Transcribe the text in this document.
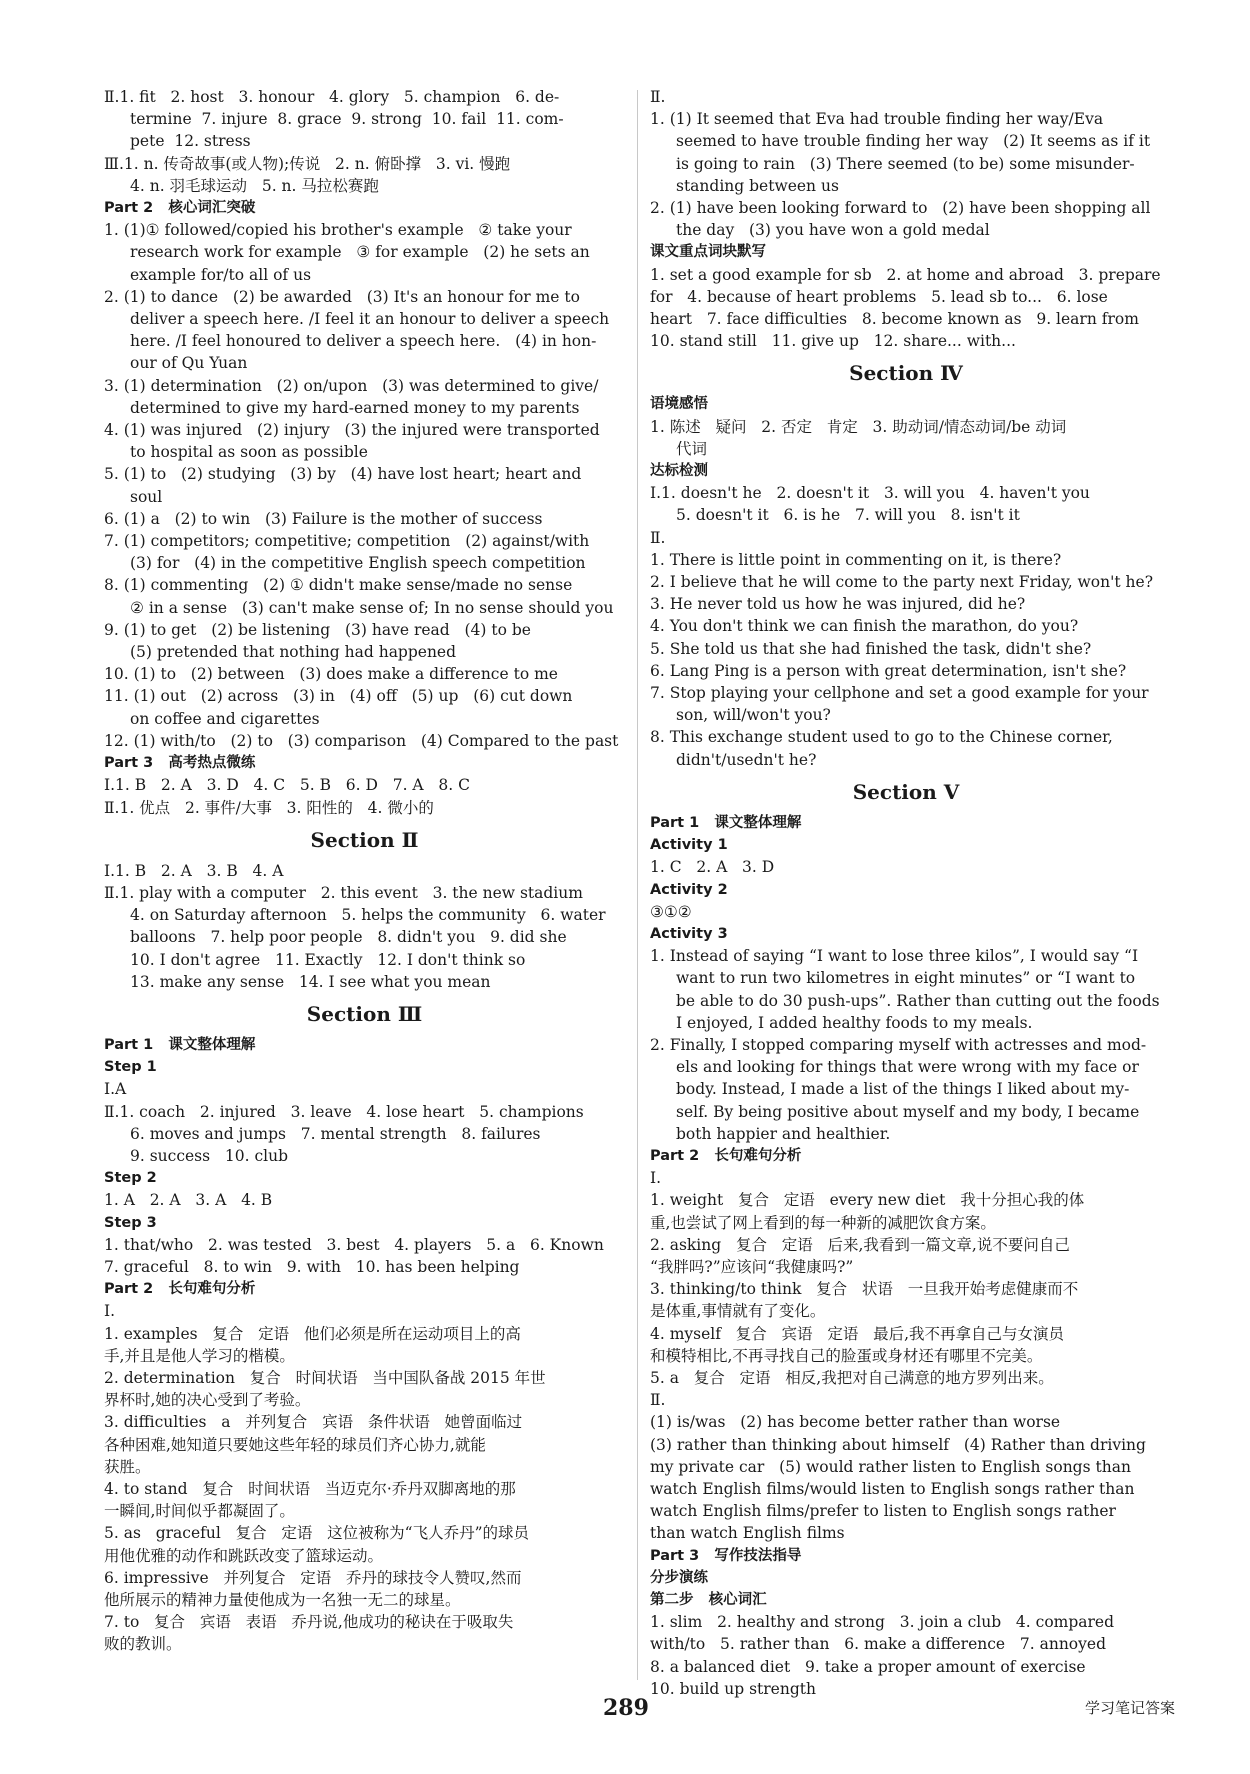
Ⅱ.1. fit   2. host   3. honour   4. glory   5. champion   6. de-
termine  7. injure  8. grace  9. strong  10. fail  11. com-
pete  12. stress
Ⅲ.1. n. 传奇故事(或人物);传说   2. n. 俯卧撑   3. vi. 慢跑
4. n. 羽毛球运动   5. n. 马拉松赛跑
Part 2   核心词汇突破
1. (1)① followed/copied his brother's example   ② take your
research work for example   ③ for example   (2) he sets an
example for/to all of us
2. (1) to dance   (2) be awarded   (3) It's an honour for me to
deliver a speech here. /I feel it an honour to deliver a speech
here. /I feel honoured to deliver a speech here.   (4) in hon-
our of Qu Yuan
3. (1) determination   (2) on/upon   (3) was determined to give/
determined to give my hard-earned money to my parents
4. (1) was injured   (2) injury   (3) the injured were transported
to hospital as soon as possible
5. (1) to   (2) studying   (3) by   (4) have lost heart; heart and
soul
6. (1) a   (2) to win   (3) Failure is the mother of success
7. (1) competitors; competitive; competition   (2) against/with
(3) for   (4) in the competitive English speech competition
8. (1) commenting   (2) ① didn't make sense/made no sense
② in a sense   (3) can't make sense of; In no sense should you
9. (1) to get   (2) be listening   (3) have read   (4) to be
(5) pretended that nothing had happened
10. (1) to   (2) between   (3) does make a difference to me
11. (1) out   (2) across   (3) in   (4) off   (5) up   (6) cut down
on coffee and cigarettes
12. (1) with/to   (2) to   (3) comparison   (4) Compared to the past
Part 3   高考热点微练
Ⅰ.1. B   2. A   3. D   4. C   5. B   6. D   7. A   8. C
Ⅱ.1. 优点   2. 事件/大事   3. 阳性的   4. 微小的
Section Ⅱ
Ⅰ.1. B   2. A   3. B   4. A
Ⅱ.1. play with a computer   2. this event   3. the new stadium
4. on Saturday afternoon   5. helps the community   6. water
balloons   7. help poor people   8. didn't you   9. did she
10. I don't agree   11. Exactly   12. I don't think so
13. make any sense   14. I see what you mean
Section Ⅲ
Part 1   课文整体理解
Step 1
Ⅰ.A
Ⅱ.1. coach   2. injured   3. leave   4. lose heart   5. champions
6. moves and jumps   7. mental strength   8. failures
9. success   10. club
Step 2
1. A   2. A   3. A   4. B
Step 3
1. that/who   2. was tested   3. best   4. players   5. a   6. Known
7. graceful   8. to win   9. with   10. has been helping
Part 2   长句难句分析
Ⅰ.
1. examples   复合   定语   他们必须是所在运动项目上的高
手,并且是他人学习的楷模。
2. determination   复合   时间状语   当中国队备战 2015 年世
界杯时,她的决心受到了考验。
3. difficulties   a   并列复合   宾语   条件状语   她曾面临过
各种困难,她知道只要她这些年轻的球员们齐心协力,就能
获胜。
4. to stand   复合   时间状语   当迈克尔·乔丹双脚离地的那
一瞬间,时间似乎都凝固了。
5. as   graceful   复合   定语   这位被称为“飞人乔丹”的球员
用他优雅的动作和跳跃改变了篮球运动。
6. impressive   并列复合   定语   乔丹的球技令人赞叹,然而
他所展示的精神力量使他成为一名独一无二的球星。
7. to   复合   宾语   表语   乔丹说,他成功的秘诀在于吸取失
败的教训。
Ⅱ.
1. (1) It seemed that Eva had trouble finding her way/Eva
seemed to have trouble finding her way   (2) It seems as if it
is going to rain   (3) There seemed (to be) some misunder-
standing between us
2. (1) have been looking forward to   (2) have been shopping all
the day   (3) you have won a gold medal
课文重点词块默写
1. set a good example for sb   2. at home and abroad   3. prepare
for   4. because of heart problems   5. lead sb to...   6. lose
heart   7. face difficulties   8. become known as   9. learn from
10. stand still   11. give up   12. share... with...
Section Ⅳ
语境感悟
1. 陈述   疑问   2. 否定   肯定   3. 助动词/情态动词/be 动词
代词
达标检测
Ⅰ.1. doesn't he   2. doesn't it   3. will you   4. haven't you
5. doesn't it   6. is he   7. will you   8. isn't it
Ⅱ.
1. There is little point in commenting on it, is there?
2. I believe that he will come to the party next Friday, won't he?
3. He never told us how he was injured, did he?
4. You don't think we can finish the marathon, do you?
5. She told us that she had finished the task, didn't she?
6. Lang Ping is a person with great determination, isn't she?
7. Stop playing your cellphone and set a good example for your
son, will/won't you?
8. This exchange student used to go to the Chinese corner,
didn't/usedn't he?
Section Ⅴ
Part 1   课文整体理解
Activity 1
1. C   2. A   3. D
Activity 2
③①②
Activity 3
1. Instead of saying “I want to lose three kilos”, I would say “I
want to run two kilometres in eight minutes” or “I want to
be able to do 30 push-ups”. Rather than cutting out the foods
I enjoyed, I added healthy foods to my meals.
2. Finally, I stopped comparing myself with actresses and mod-
els and looking for things that were wrong with my face or
body. Instead, I made a list of the things I liked about my-
self. By being positive about myself and my body, I became
both happier and healthier.
Part 2   长句难句分析
Ⅰ.
1. weight   复合   定语   every new diet   我十分担心我的体
重,也尝试了网上看到的每一种新的减肥饮食方案。
2. asking   复合   定语   后来,我看到一篇文章,说不要问自己
“我胖吗?”应该问“我健康吗?”
3. thinking/to think   复合   状语   一旦我开始考虑健康而不
是体重,事情就有了变化。
4. myself   复合   宾语   定语   最后,我不再拿自己与女演员
和模特相比,不再寻找自己的脸蛋或身材还有哪里不完美。
5. a   复合   定语   相反,我把对自己满意的地方罗列出来。
Ⅱ.
(1) is/was   (2) has become better rather than worse
(3) rather than thinking about himself   (4) Rather than driving
my private car   (5) would rather listen to English songs than
watch English films/would listen to English songs rather than
watch English films/prefer to listen to English songs rather
than watch English films
Part 3   写作技法指导
分步演练
第二步   核心词汇
1. slim   2. healthy and strong   3. join a club   4. compared
with/to   5. rather than   6. make a difference   7. annoyed
8. a balanced diet   9. take a proper amount of exercise
10. build up strength
289	学习笔记答案
